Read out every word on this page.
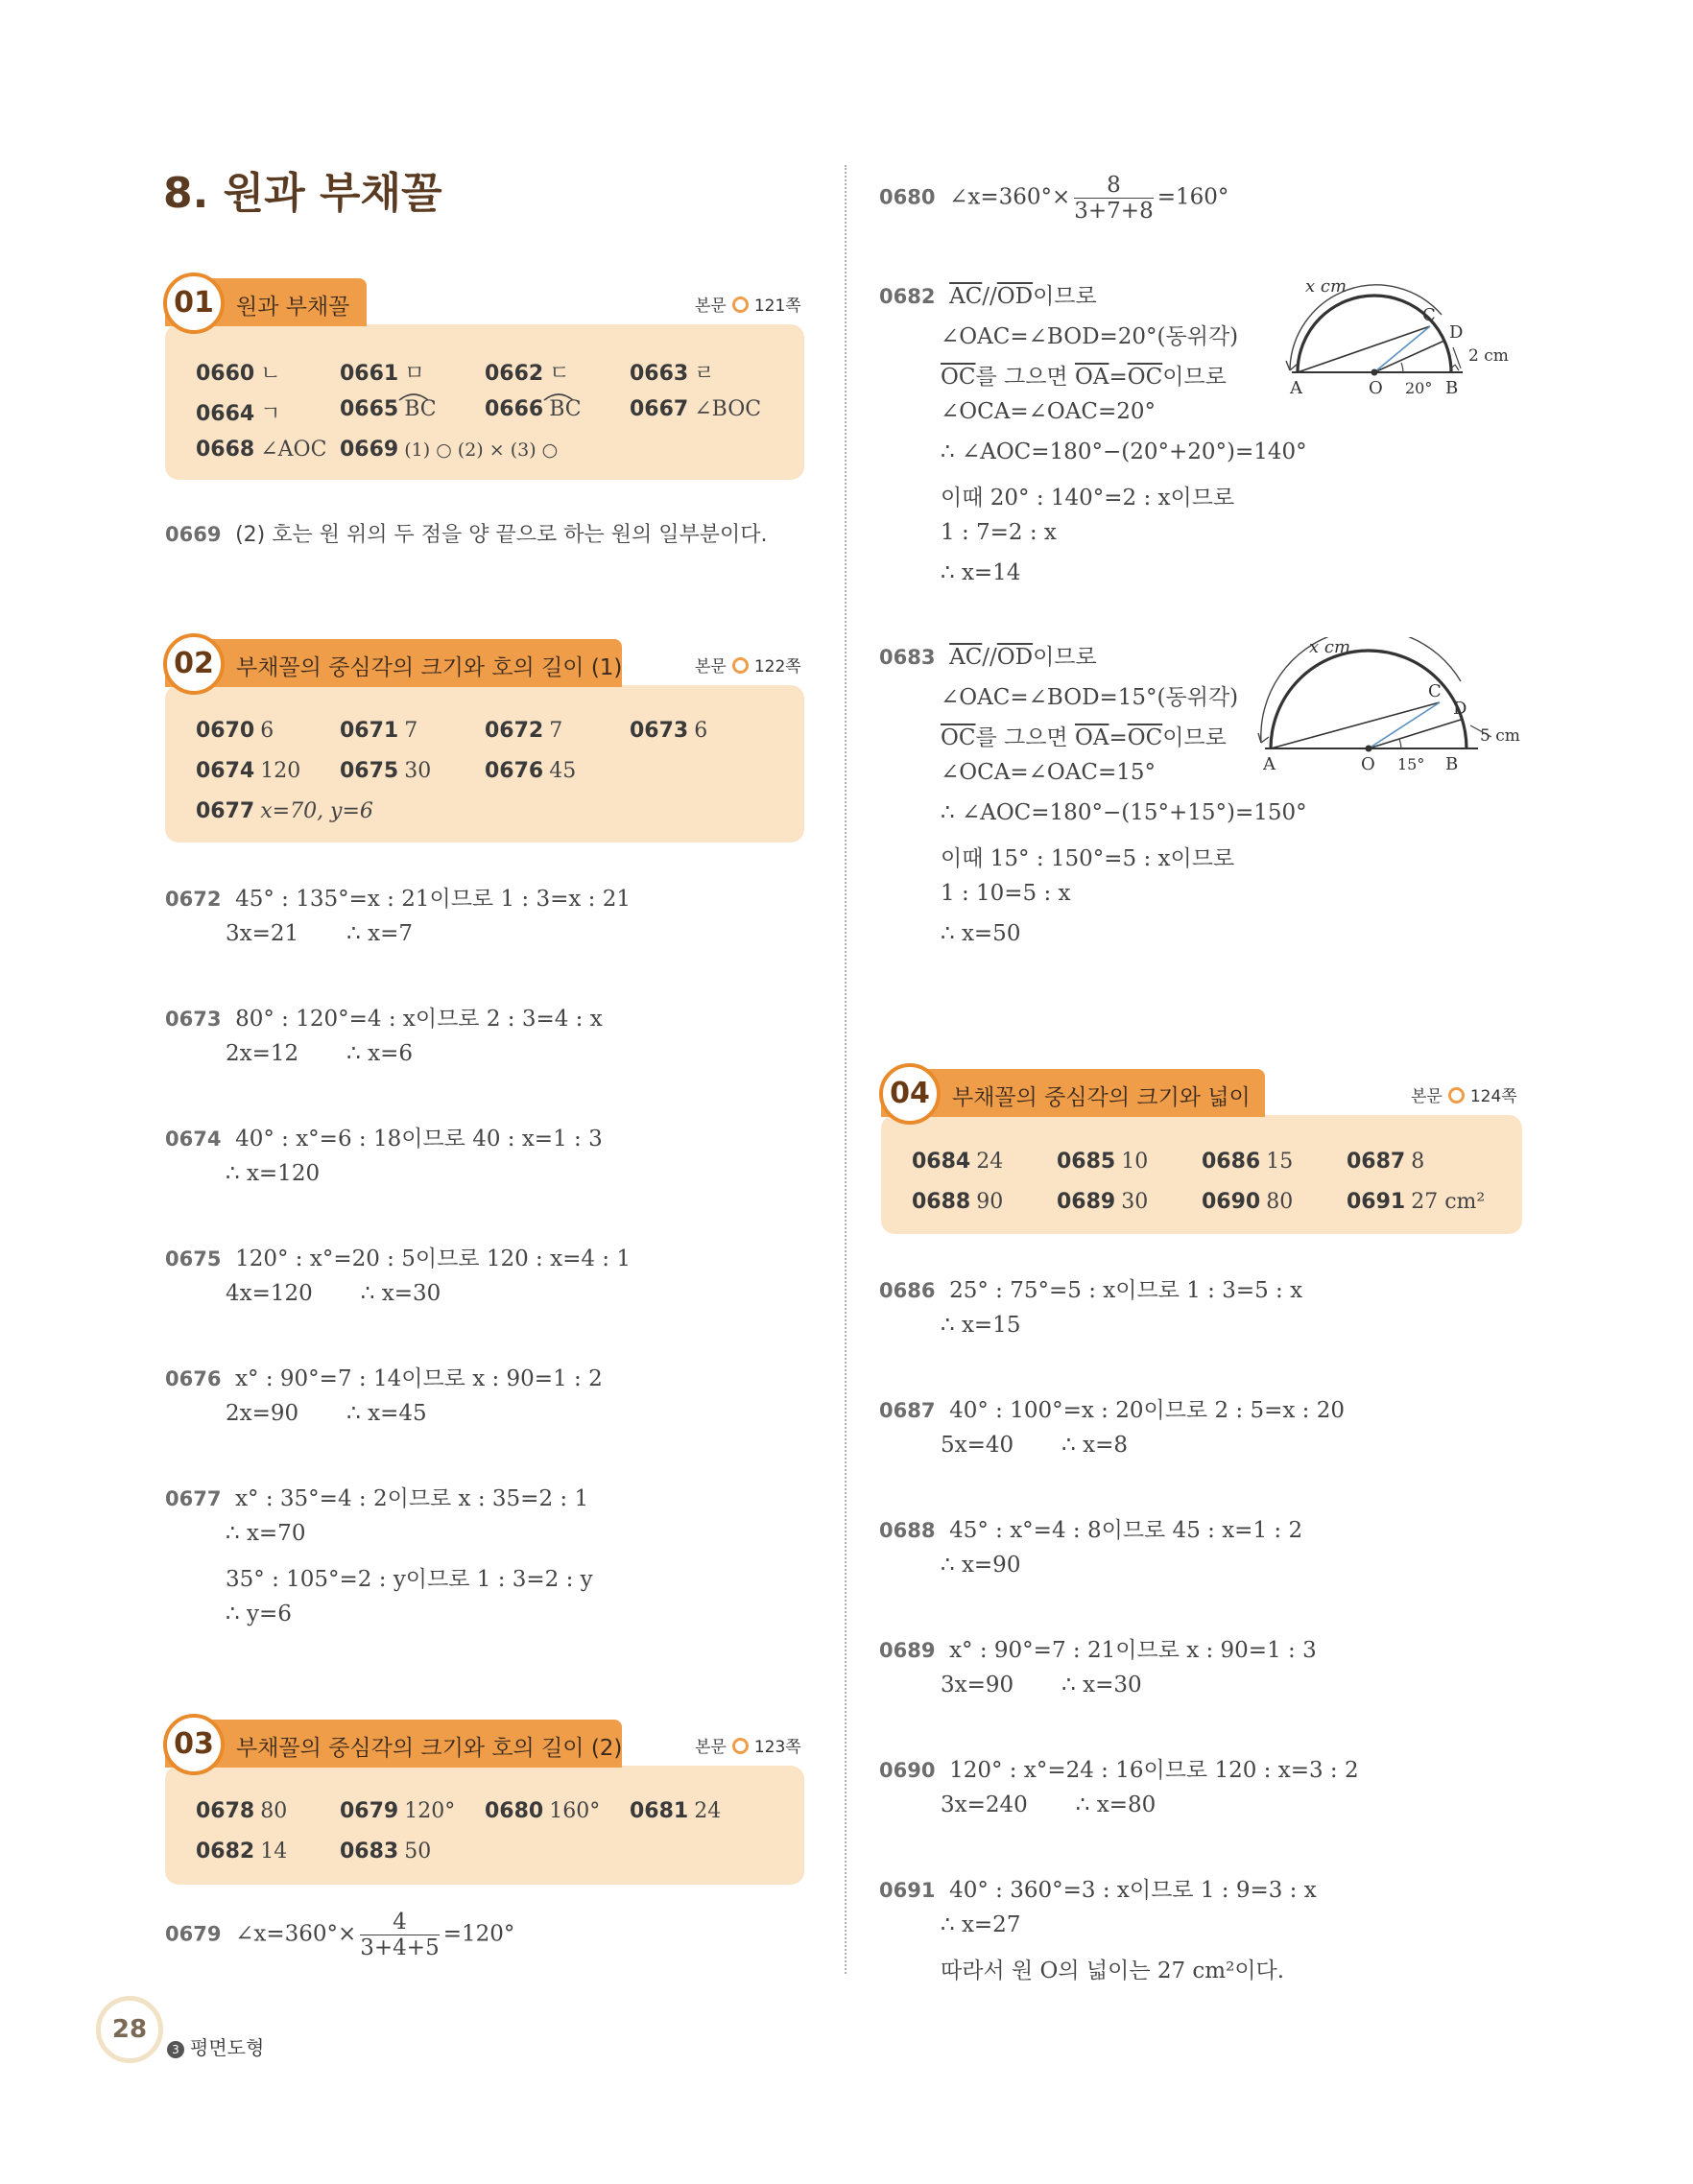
8. 원과 부채꼴
01	원과 부채꼴	본문 121쪽
0660 ㄴ	0661 ㅁ	0662 ㄷ	0663 ㄹ
0664 ㄱ	0665 BC 0666 BC 0667 ∠BOC
0668 ∠AOC 0669 (1) ○ (2) × (3) ○
0669 (2) 호는 원 위의 두 점을 양 끝으로 하는 원의 일부분이다.
02	부채꼴의 중심각의 크기와 호의 길이 (1)	본문 122쪽
0670 6	0671 7	0672 7	0673 6
0674 120 0675 30	0676 45
0677 x=70, y=6
0672 45° : 135°=x : 21이므로 1 : 3=x : 21
3x=21 ∴ x=7
0673 80° : 120°=4 : x이므로 2 : 3=4 : x
2x=12 ∴ x=6
0674 40° : x°=6 : 18이므로 40 : x=1 : 3
∴ x=120
0675 120° : x°=20 : 5이므로 120 : x=4 : 1
4x=120 ∴ x=30
0676 x° : 90°=7 : 14이므로 x : 90=1 : 2
2x=90 ∴ x=45
0677 x° : 35°=4 : 2이므로 x : 35=2 : 1
∴ x=70
35° : 105°=2 : y이므로 1 : 3=2 : y
∴ y=6
03	부채꼴의 중심각의 크기와 호의 길이 (2)	본문 123쪽
0678 80 0679 120° 0680 160° 0681 24
0682 14 0683 50
0679 ∠x=360°× $\frac{4}{3+4+5} =120^\circ$
0680 ∠x=360°× $\frac{8}{3+7+8} =160^\circ$
0682 $\overline{AC}//\overline{OD}$이므로
∠OAC=∠BOD=20°(동위각)
$\overline{OC}$를 그으면 $\overline{OA}=\overline{OC}$이므로
∠OCA=∠OAC=20°
∴ ∠AOC=180°−(20°+20°)=140°
이때 20° : 140°=2 : x이므로
1 : 7=2 : x
∴ x=14
x cm
A	O	B
C
D
20°
2 cm
0683 $\overline{AC}//\overline{OD}$이므로
∠OAC=∠BOD=15°(동위각)
$\overline{OC}$를 그으면 $\overline{OA}=\overline{OC}$이므로
∠OCA=∠OAC=15°
∴ ∠AOC=180°−(15°+15°)=150°
이때 15° : 150°=5 : x이므로
1 : 10=5 : x
∴ x=50
x cm
A	O	B
C
D
15°
5 cm
04	부채꼴의 중심각의 크기와 넓이	본문 124쪽
0684 24	0685 10	0686 15	0687 8
0688 90	0689 30	0690 80	0691 27 cm²
0686 25° : 75°=5 : x이므로 1 : 3=5 : x
∴ x=15
0687 40° : 100°=x : 20이므로 2 : 5=x : 20
5x=40 ∴ x=8
0688 45° : x°=4 : 8이므로 45 : x=1 : 2
∴ x=90
0689 x° : 90°=7 : 21이므로 x : 90=1 : 3
3x=90 ∴ x=30
0690 120° : x°=24 : 16이므로 120 : x=3 : 2
3x=240 ∴ x=80
0691 40° : 360°=3 : x이므로 1 : 9=3 : x
∴ x=27
따라서 원 O의 넓이는 27 cm²이다.
28
3 평면도형
